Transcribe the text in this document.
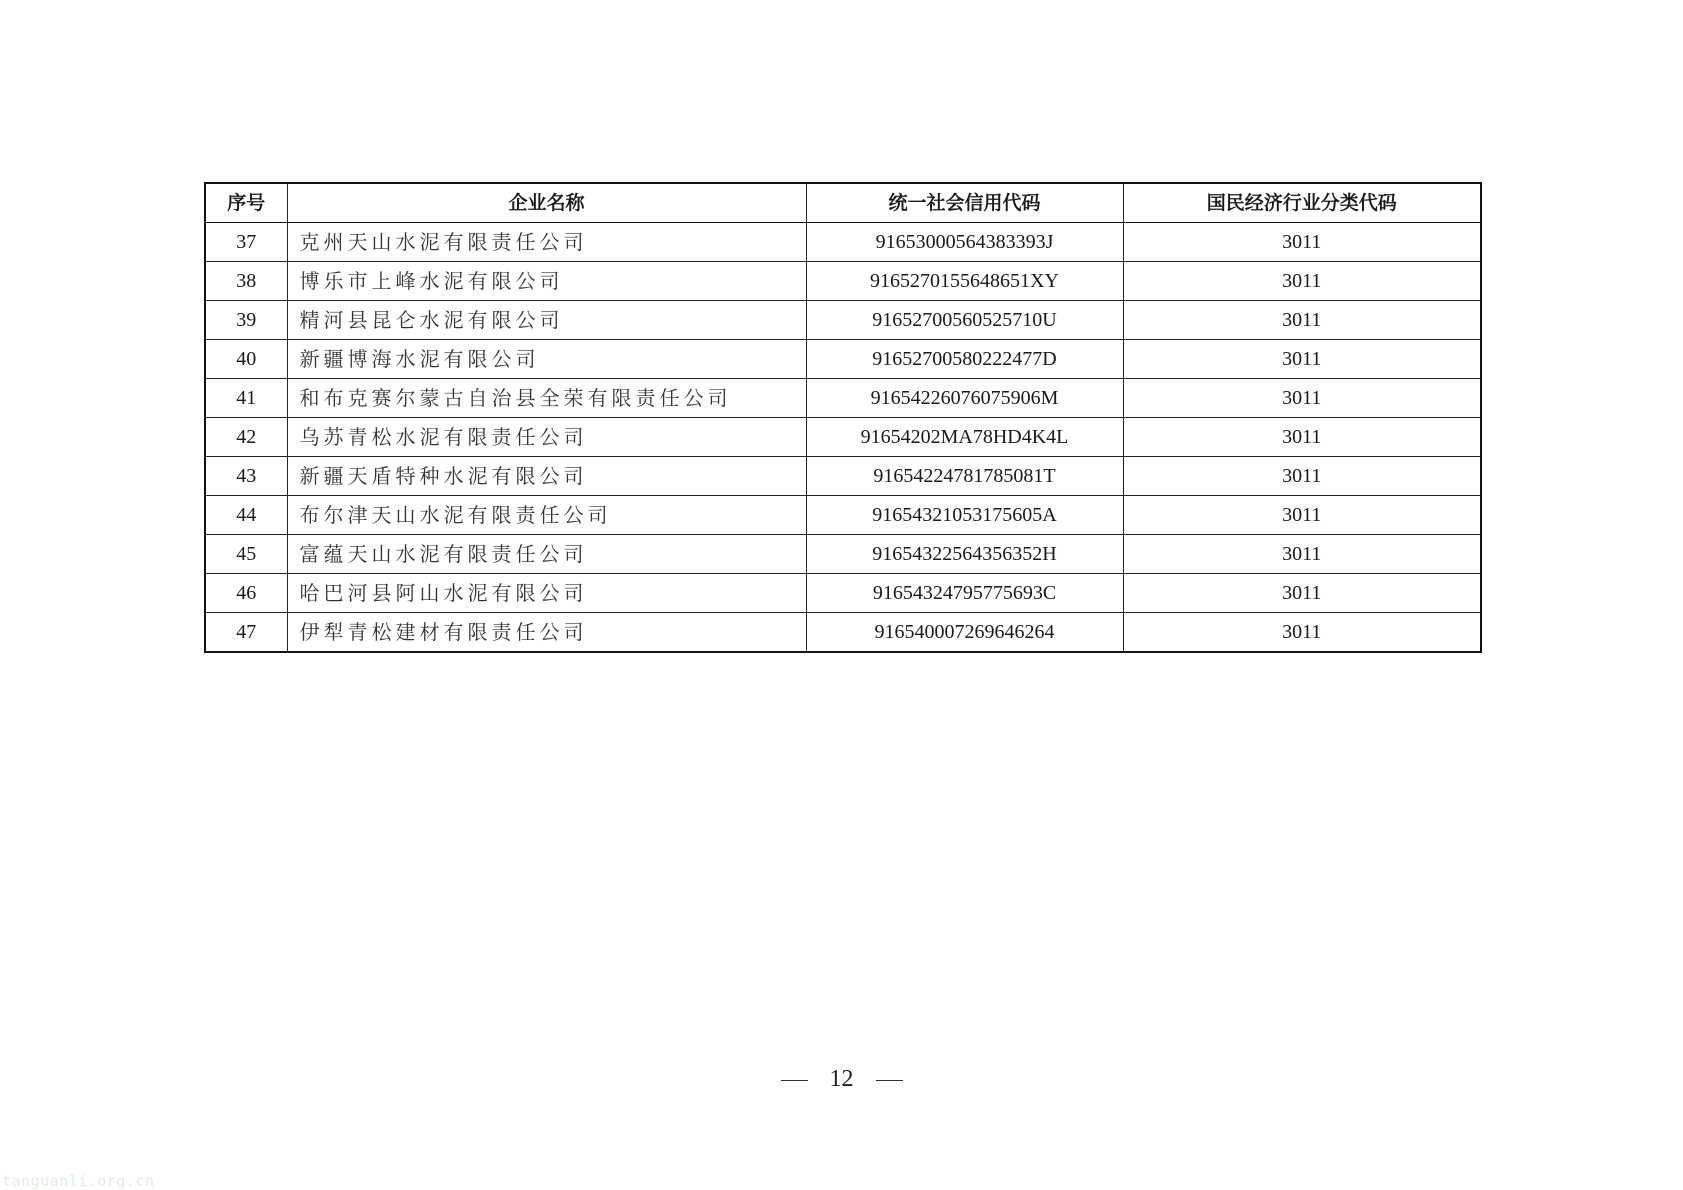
序号	企业名称	统一社会信用代码	国民经济行业分类代码
37	克州天山水泥有限责任公司	91653000564383393J	3011
38	博乐市上峰水泥有限公司	9165270155648651XY	3011
39	精河县昆仑水泥有限公司	91652700560525710U	3011
40	新疆博海水泥有限公司	91652700580222477D	3011
41	和布克赛尔蒙古自治县全荣有限责任公司	91654226076075906M	3011
42	乌苏青松水泥有限责任公司	91654202MA78HD4K4L	3011
43	新疆天盾特种水泥有限公司	91654224781785081T	3011
44	布尔津天山水泥有限责任公司	91654321053175605A	3011
45	富蕴天山水泥有限责任公司	91654322564356352H	3011
46	哈巴河县阿山水泥有限公司	91654324795775693C	3011
47	伊犁青松建材有限责任公司	916540007269646264	3011
12
tanguanli.org.cn
